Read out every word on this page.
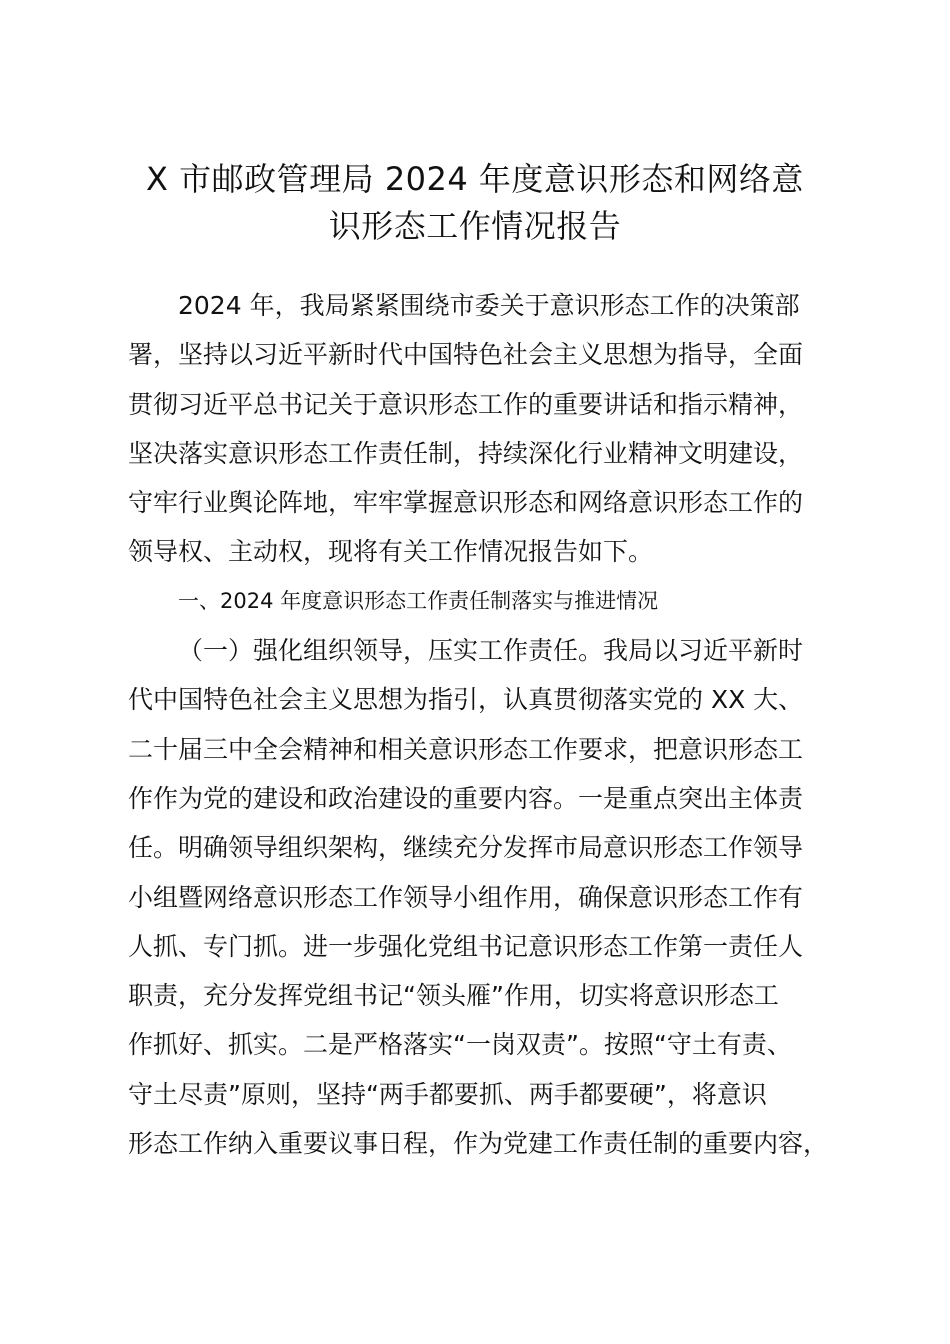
X 市邮政管理局 2024 年度意识形态和网络意
识形态工作情况报告
2024 年，我局紧紧围绕市委关于意识形态工作的决策部
署，坚持以习近平新时代中国特色社会主义思想为指导，全面
贯彻习近平总书记关于意识形态工作的重要讲话和指示精神，
坚决落实意识形态工作责任制，持续深化行业精神文明建设，
守牢行业舆论阵地，牢牢掌握意识形态和网络意识形态工作的
领导权、主动权，现将有关工作情况报告如下。
一、2024 年度意识形态工作责任制落实与推进情况
（一）强化组织领导，压实工作责任。我局以习近平新时
代中国特色社会主义思想为指引，认真贯彻落实党的 XX 大、
二十届三中全会精神和相关意识形态工作要求，把意识形态工
作作为党的建设和政治建设的重要内容。一是重点突出主体责
任。明确领导组织架构，继续充分发挥市局意识形态工作领导
小组暨网络意识形态工作领导小组作用，确保意识形态工作有
人抓、专门抓。进一步强化党组书记意识形态工作第一责任人
职责，充分发挥党组书记“领头雁”作用，切实将意识形态工
作抓好、抓实。二是严格落实“一岗双责”。按照“守土有责、
守土尽责”原则，坚持“两手都要抓、两手都要硬”，将意识
形态工作纳入重要议事日程，作为党建工作责任制的重要内容，
